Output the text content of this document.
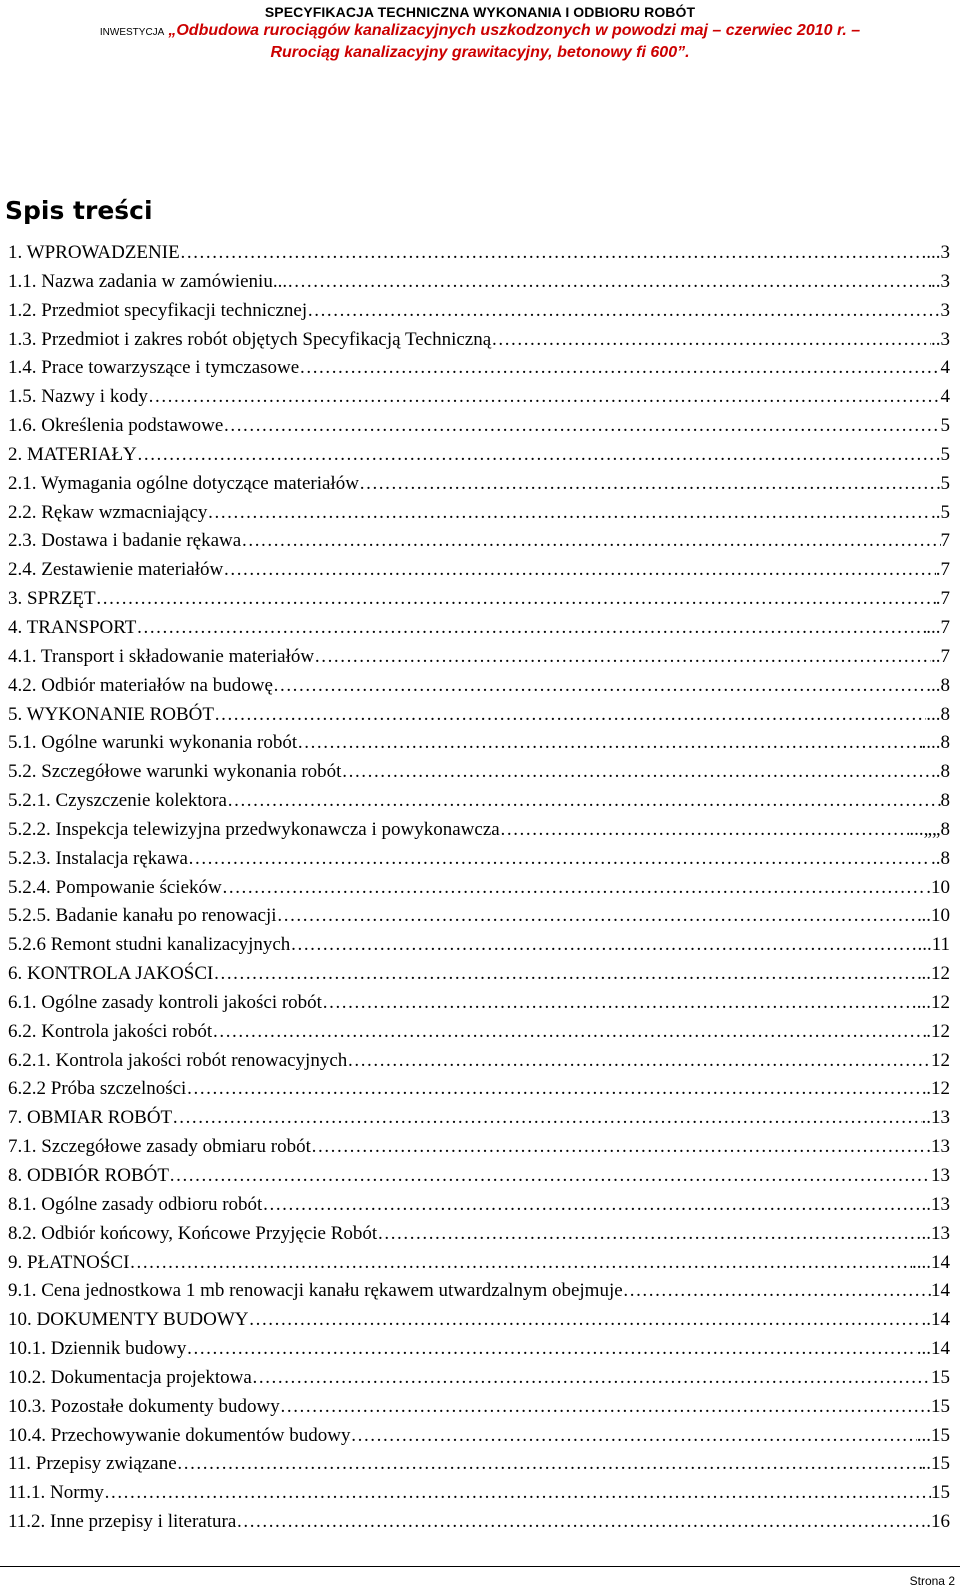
SPECYFIKACJA TECHNICZNA WYKONANIA I ODBIORU ROBÓT
INWESTYCJA „Odbudowa rurociągów kanalizacyjnych uszkodzonych w powodzi maj – czerwiec 2010 r. –
Rurociąg kanalizacyjny grawitacyjny, betonowy fi 600”.
Spis treści
1. WPROWADZENIE ………………………………………………………………………………………………………………………………………………………………	...3
1.1. Nazwa zadania w zamówieniu... ………………………………………………………………………………………………………………………………………………………………	..3
1.2. Przedmiot specyfikacji technicznej ………………………………………………………………………………………………………………………………………………………………	3
1.3. Przedmiot i zakres robót objętych Specyfikacją Techniczną ………………………………………………………………………………………………………………………………………………………………	..3
1.4. Prace towarzyszące i tymczasowe ………………………………………………………………………………………………………………………………………………………………	4
1.5. Nazwy i kody ………………………………………………………………………………………………………………………………………………………………	4
1.6. Określenia podstawowe ………………………………………………………………………………………………………………………………………………………………	5
2. MATERIAŁY ………………………………………………………………………………………………………………………………………………………………	.5
2.1. Wymagania ogólne dotyczące materiałów ………………………………………………………………………………………………………………………………………………………………	5
2.2. Rękaw wzmacniający ………………………………………………………………………………………………………………………………………………………………	..5
2.3. Dostawa i badanie rękawa ………………………………………………………………………………………………………………………………………………………………	7
2.4. Zestawienie materiałów ………………………………………………………………………………………………………………………………………………………………	.7
3. SPRZĘT ………………………………………………………………………………………………………………………………………………………………	.7
4. TRANSPORT ………………………………………………………………………………………………………………………………………………………………	...7
4.1. Transport i składowanie materiałów ………………………………………………………………………………………………………………………………………………………………	..7
4.2. Odbiór materiałów na budowę ………………………………………………………………………………………………………………………………………………………………	...8
5. WYKONANIE ROBÓT ………………………………………………………………………………………………………………………………………………………………	...8
5.1. Ogólne warunki wykonania robót ………………………………………………………………………………………………………………………………………………………………	....8
5.2. Szczegółowe warunki wykonania robót ………………………………………………………………………………………………………………………………………………………………	..8
5.2.1. Czyszczenie kolektora ………………………………………………………………………………………………………………………………………………………………	8
5.2.2. Inspekcja telewizyjna przedwykonawcza i powykonawcza ………………………………………………………………………………………………………………………………………………………………	...„„8
5.2.3. Instalacja rękawa ………………………………………………………………………………………………………………………………………………………………	..8
5.2.4. Pompowanie ścieków ………………………………………………………………………………………………………………………………………………………………	.10
5.2.5. Badanie kanału po renowacji ………………………………………………………………………………………………………………………………………………………………	..10
5.2.6 Remont studni kanalizacyjnych ………………………………………………………………………………………………………………………………………………………………	...11
6. KONTROLA JAKOŚCI ………………………………………………………………………………………………………………………………………………………………	..12
6.1. Ogólne zasady kontroli jakości robót ………………………………………………………………………………………………………………………………………………………………	...12
6.2. Kontrola jakości robót ………………………………………………………………………………………………………………………………………………………………	.12
6.2.1. Kontrola jakości robót renowacyjnych ………………………………………………………………………………………………………………………………………………………………	12
6.2.2 Próba szczelności ………………………………………………………………………………………………………………………………………………………………	.12
7. OBMIAR ROBÓT ………………………………………………………………………………………………………………………………………………………………	..13
7.1. Szczegółowe zasady obmiaru robót ………………………………………………………………………………………………………………………………………………………………	.13
8. ODBIÓR ROBÓT ………………………………………………………………………………………………………………………………………………………………	13
8.1. Ogólne zasady odbioru robót ………………………………………………………………………………………………………………………………………………………………	..13
8.2. Odbiór końcowy, Końcowe Przyjęcie Robót ………………………………………………………………………………………………………………………………………………………………	..13
9. PŁATNOŚCI ………………………………………………………………………………………………………………………………………………………………	....14
9.1. Cena jednostkowa 1 mb renowacji kanału rękawem utwardzalnym obejmuje ………………………………………………………………………………………………………………………………………………………………	14
10. DOKUMENTY BUDOWY ………………………………………………………………………………………………………………………………………………………………	..14
10.1. Dziennik budowy ………………………………………………………………………………………………………………………………………………………………	...14
10.2. Dokumentacja projektowa ………………………………………………………………………………………………………………………………………………………………	15
10.3. Pozostałe dokumenty budowy ………………………………………………………………………………………………………………………………………………………………	.15
10.4. Przechowywanie dokumentów budowy ………………………………………………………………………………………………………………………………………………………………	...15
11. Przepisy związane ………………………………………………………………………………………………………………………………………………………………	..15
11.1. Normy ………………………………………………………………………………………………………………………………………………………………	15
11.2. Inne przepisy i literatura ………………………………………………………………………………………………………………………………………………………………	.16
Strona 2
